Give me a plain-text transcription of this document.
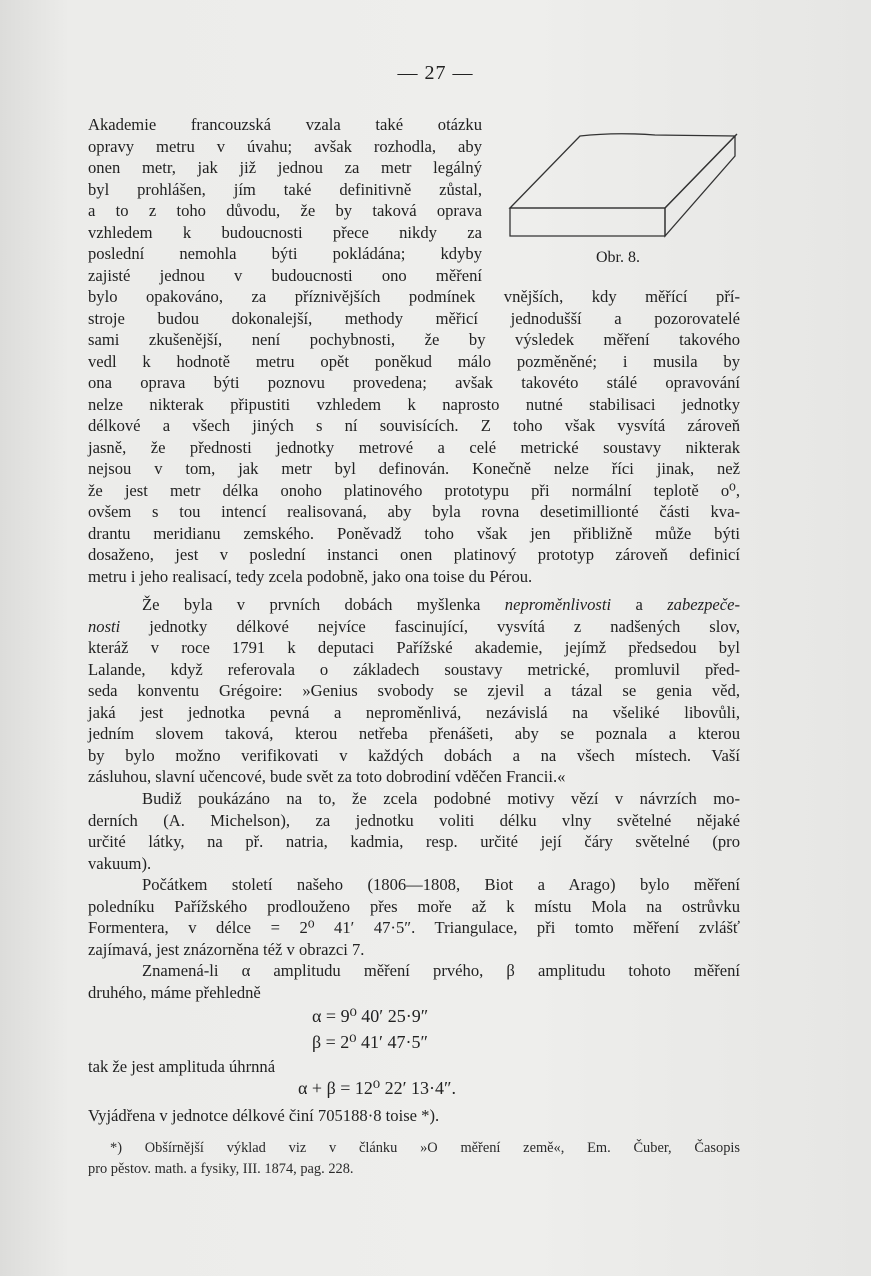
— 27 —
Obr. 8.
Akademie francouzská vzala také otázku
opravy metru v úvahu; avšak rozhodla, aby
onen metr, jak již jednou za metr legálný
byl prohlášen, jím také definitivně zůstal,
a to z toho důvodu, že by taková oprava
vzhledem k budoucnosti přece nikdy za
poslední nemohla býti pokládána; kdyby
zajisté jednou v budoucnosti ono měření
bylo opakováno, za příznivějších podmínek vnějších, kdy měřící pří-
stroje budou dokonalejší, methody měřicí jednodušší a pozorovatelé
sami zkušenější, není pochybnosti, že by výsledek měření takového
vedl k hodnotě metru opět poněkud málo pozměněné; i musila by
ona oprava býti poznovu provedena; avšak takovéto stálé opravování
nelze nikterak připustiti vzhledem k naprosto nutné stabilisaci jednotky
délkové a všech jiných s ní souvisících. Z toho však vysvítá zároveň
jasně, že přednosti jednotky metrové a celé metrické soustavy nikterak
nejsou v tom, jak metr byl definován. Konečně nelze říci jinak, než
že jest metr délka onoho platinového prototypu při normální teplotě o⁰,
ovšem s tou intencí realisovaná, aby byla rovna desetimillionté části kva-
drantu meridianu zemského. Poněvadž toho však jen přibližně může býti
dosaženo, jest v poslední instanci onen platinový prototyp zároveň definicí
metru i jeho realisací, tedy zcela podobně, jako ona toise du Pérou.
Že byla v prvních dobách myšlenka neproměnlivosti a zabezpeče-
nosti jednotky délkové nejvíce fascinující, vysvítá z nadšených slov,
kteráž v roce 1791 k deputaci Pařížské akademie, jejímž předsedou byl
Lalande, když referovala o základech soustavy metrické, promluvil před-
seda konventu Grégoire: »Genius svobody se zjevil a tázal se genia věd,
jaká jest jednotka pevná a neproměnlivá, nezávislá na všeliké libovůli,
jedním slovem taková, kterou netřeba přenášeti, aby se poznala a kterou
by bylo možno verifikovati v každých dobách a na všech místech. Vaší
zásluhou, slavní učencové, bude svět za toto dobrodiní vděčen Francii.«
Budiž poukázáno na to, že zcela podobné motivy vězí v návrzích mo-
derních (A. Michelson), za jednotku voliti délku vlny světelné nějaké
určité látky, na př. natria, kadmia, resp. určité její čáry světelné (pro
vakuum).
Počátkem století našeho (1806—1808, Biot a Arago) bylo měření
poledníku Pařížského prodlouženo přes moře až k místu Mola na ostrůvku
Formentera, v délce = 2⁰ 41′ 47·5″. Triangulace, při tomto měření zvlášť
zajímavá, jest znázorněna též v obrazci 7.
Znamená-li α amplitudu měření prvého, β amplitudu tohoto měření
druhého, máme přehledně
α = 9⁰ 40′ 25·9″
β = 2⁰ 41′ 47·5″
tak že jest amplituda úhrnná
α + β = 12⁰ 22′ 13·4″.
Vyjádřena v jednotce délkové činí 705188·8 toise *).
*) Obšírnější výklad viz v článku »O měření země«, Em. Čuber, Časopis
pro pěstov. math. a fysiky, III. 1874, pag. 228.
